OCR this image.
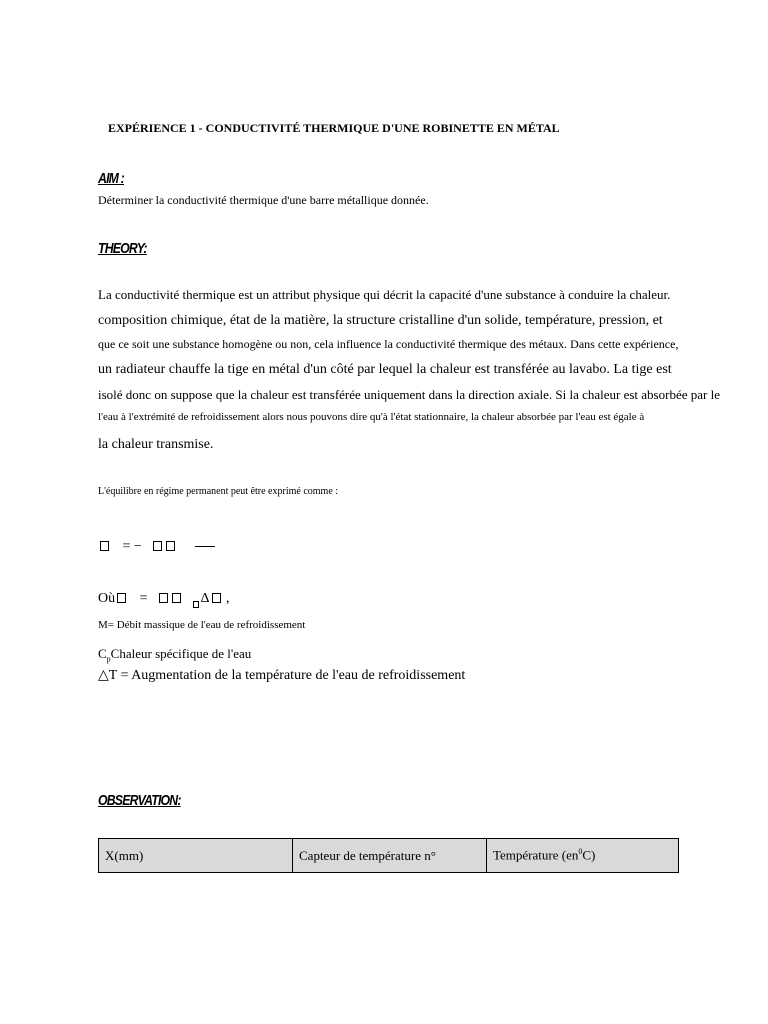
EXPÉRIENCE 1 - CONDUCTIVITÉ THERMIQUE D'UNE ROBINETTE EN MÉTAL
AIM :
Déterminer la conductivité thermique d'une barre métallique donnée.
THEORY:
La conductivité thermique est un attribut physique qui décrit la capacité d'une substance à conduire la chaleur.
composition chimique, état de la matière, la structure cristalline d'un solide, température, pression, et
que ce soit une substance homogène ou non, cela influence la conductivité thermique des métaux. Dans cette expérience,
un radiateur chauffe la tige en métal d'un côté par lequel la chaleur est transférée au lavabo. La tige est
isolé donc on suppose que la chaleur est transférée uniquement dans la direction axiale. Si la chaleur est absorbée par le
l'eau à l'extrémité de refroidissement alors nous pouvons dire qu'à l'état stationnaire, la chaleur absorbée par l'eau est égale à
la chaleur transmise.
L'équilibre en régime permanent peut être exprimé comme :
= −
Où =	Δ ,
M= Débit massique de l'eau de refroidissement
$C_pChaleur$ spécifique de l'eau
△T = Augmentation de la température de l'eau de refroidissement
OBSERVATION:
X(mm)	Capteur de température n°	Température $(en^0C)$
